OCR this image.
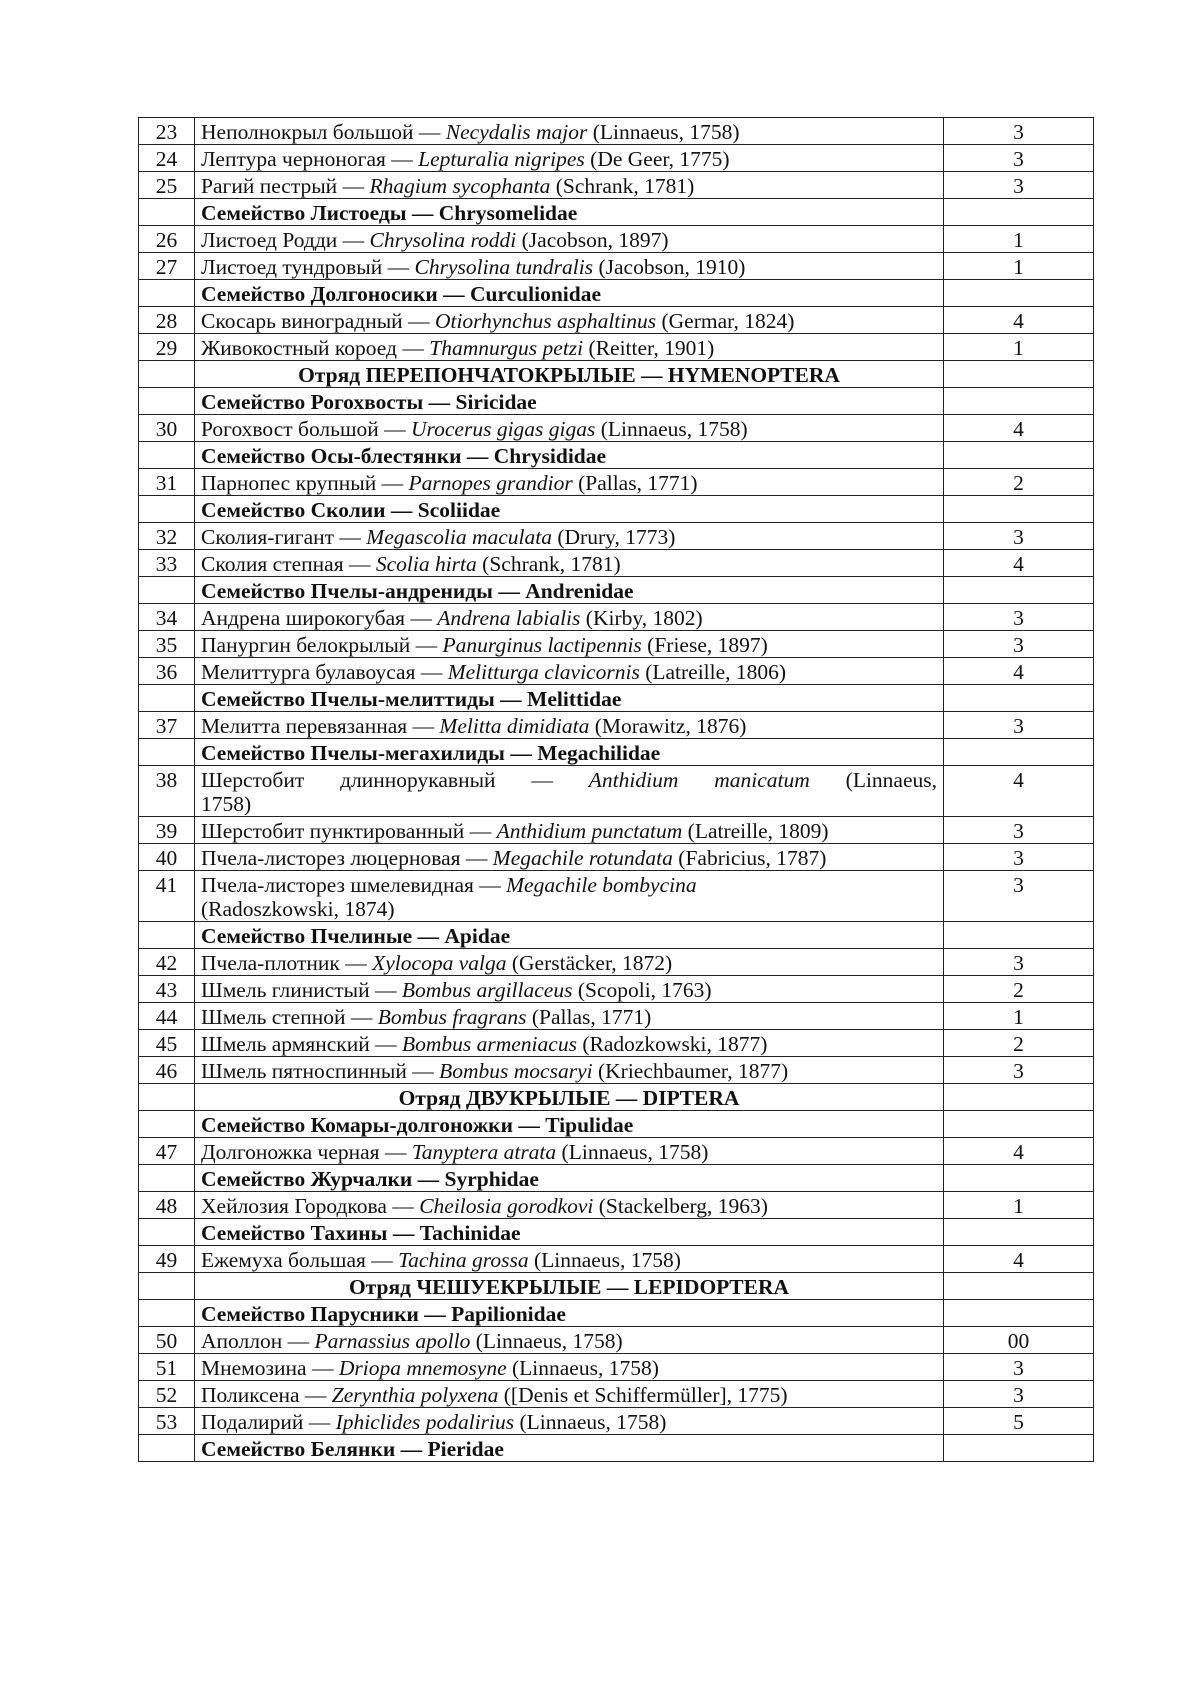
23	Неполнокрыл большой — Necydalis major (Linnaeus, 1758)	3
24	Лептура черноногая — Lepturalia nigripes (De Geer, 1775)	3
25	Рагий пестрый — Rhagium sycophanta (Schrank, 1781)	3
	Семейство Листоеды — Chrysomelidae	
26	Листоед Родди — Chrysolina roddi (Jacobson, 1897)	1
27	Листоед тундровый — Chrysolina tundralis (Jacobson, 1910)	1
	Семейство Долгоносики — Curculionidae	
28	Скосарь виноградный — Otiorhynchus asphaltinus (Germar, 1824)	4
29	Живокостный короед — Thamnurgus petzi (Reitter, 1901)	1
	Отряд ПЕРЕПОНЧАТОКРЫЛЫЕ — HYMENOPTERA	
	Семейство Рогохвосты — Siricidae	
30	Рогохвост большой — Urocerus gigas gigas (Linnaeus, 1758)	4
	Семейство Осы-блестянки — Chrysididae	
31	Парнопес крупный — Parnopes grandior (Pallas, 1771)	2
	Семейство Сколии — Scoliidae	
32	Сколия-гигант — Megascolia maculata (Drury, 1773)	3
33	Сколия степная — Scolia hirta (Schrank, 1781)	4
	Семейство Пчелы-андрениды — Andrenidae	
34	Андрена широкогубая — Andrena labialis (Kirby, 1802)	3
35	Панургин белокрылый — Panurginus lactipennis (Friese, 1897)	3
36	Мелиттурга булавоусая — Melitturga clavicornis (Latreille, 1806)	4
	Семейство Пчелы-мелиттиды — Melittidae	
37	Мелитта перевязанная — Melitta dimidiata (Morawitz, 1876)	3
	Семейство Пчелы-мегахилиды — Megachilidae	
38	Шерстобит длиннорукавный — Anthidium manicatum (Linnaeus,
1758)	4
39	Шерстобит пунктированный — Anthidium punctatum (Latreille, 1809)	3
40	Пчела-листорез люцерновая — Megachile rotundata (Fabricius, 1787)	3
41	Пчела-листорез шмелевидная — Megachile bombycina
(Radoszkowski, 1874)	3
	Семейство Пчелиные — Apidae	
42	Пчела-плотник — Xylocopa valga (Gerstäcker, 1872)	3
43	Шмель глинистый — Bombus argillaceus (Scopoli, 1763)	2
44	Шмель степной — Bombus fragrans (Pallas, 1771)	1
45	Шмель армянский — Bombus armeniacus (Radozkowski, 1877)	2
46	Шмель пятноспинный — Bombus mocsaryi (Kriechbaumer, 1877)	3
	Отряд ДВУКРЫЛЫЕ — DIPTERA	
	Семейство Комары-долгоножки — Tipulidae	
47	Долгоножка черная — Tanyptera atrata (Linnaeus, 1758)	4
	Семейство Журчалки — Syrphidae	
48	Хейлозия Городкова — Cheilosia gorodkovi (Stackelberg, 1963)	1
	Семейство Тахины — Tachinidae	
49	Ежемуха большая — Tachina grossa (Linnaeus, 1758)	4
	Отряд ЧЕШУЕКРЫЛЫЕ — LEPIDOPTERA	
	Семейство Парусники — Papilionidae	
50	Аполлон — Parnassius apollo (Linnaeus, 1758)	00
51	Мнемозина — Driopa mnemosyne (Linnaeus, 1758)	3
52	Поликсена — Zerynthia polyxena ([Denis et Schiffermüller], 1775)	3
53	Подалирий — Iphiclides podalirius (Linnaeus, 1758)	5
	Семейство Белянки — Pieridae	
